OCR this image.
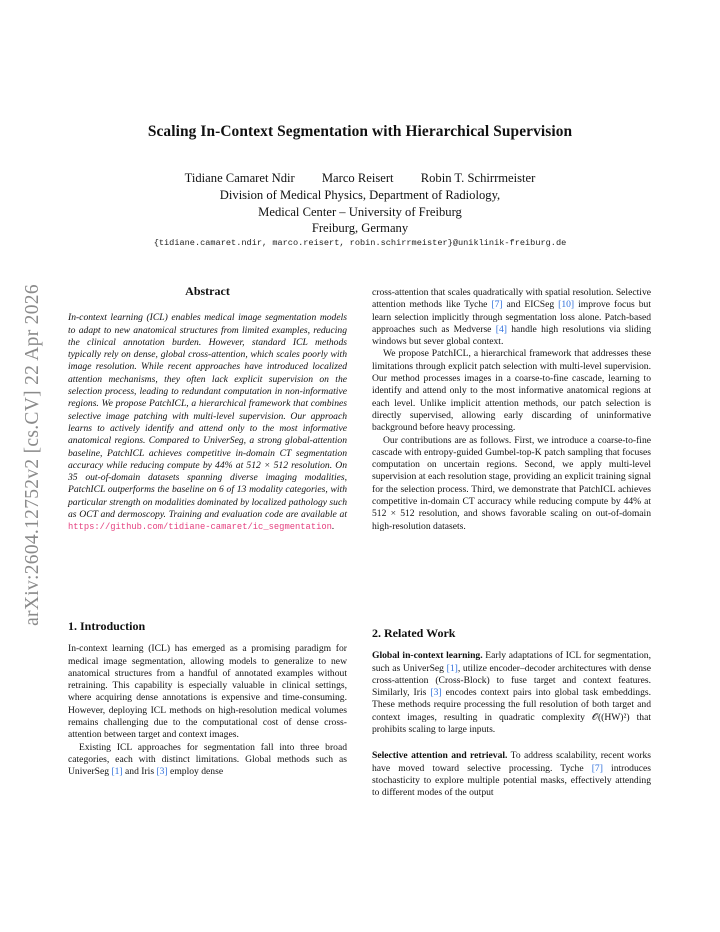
Scaling In-Context Segmentation with Hierarchical Supervision
Tidiane Camaret Ndir Marco Reisert Robin T. Schirrmeister
Division of Medical Physics, Department of Radiology,
Medical Center – University of Freiburg
Freiburg, Germany
{tidiane.camaret.ndir, marco.reisert, robin.schirrmeister}@uniklinik-freiburg.de
arXiv:2604.12752v2 [cs.CV] 22 Apr 2026	Abstract

In-context learning (ICL) enables medical image segmentation models to adapt to new anatomical structures from limited examples, reducing the clinical annotation burden. However, standard ICL methods typically rely on dense, global cross-attention, which scales poorly with image resolution. While recent approaches have introduced localized attention mechanisms, they often lack explicit supervision on the selection process, leading to redundant computation in non-informative regions. We propose PatchICL, a hierarchical framework that combines selective image patching with multi-level supervision. Our approach learns to actively identify and attend only to the most informative anatomical regions. Compared to UniverSeg, a strong global-attention baseline, PatchICL achieves competitive in-domain CT segmentation accuracy while reducing compute by 44% at 512 × 512 resolution. On 35 out-of-domain datasets spanning diverse imaging modalities, PatchICL outperforms the baseline on 6 of 13 modality categories, with particular strength on modalities dominated by localized pathology such as OCT and dermoscopy. Training and evaluation code are available at https://github.com/tidiane-camaret/ic_segmentation.

1. Introduction

In-context learning (ICL) has emerged as a promising paradigm for medical image segmentation, allowing models to generalize to new anatomical structures from a handful of annotated examples without retraining. This capability is especially valuable in clinical settings, where acquiring dense annotations is expensive and time-consuming. However, deploying ICL methods on high-resolution medical volumes remains challenging due to the computational cost of dense cross-attention between target and context images.

Existing ICL approaches for segmentation fall into three broad categories, each with distinct limitations. Global methods such as UniverSeg [1] and Iris [3] employ dense

cross-attention that scales quadratically with spatial resolution. Selective attention methods like Tyche [7] and EICSeg [10] improve focus but learn selection implicitly through segmentation loss alone. Patch-based approaches such as Medverse [4] handle high resolutions via sliding windows but sever global context.

We propose PatchICL, a hierarchical framework that addresses these limitations through explicit patch selection with multi-level supervision. Our method processes images in a coarse-to-fine cascade, learning to identify and attend only to the most informative anatomical regions at each level. Unlike implicit attention methods, our patch selection is directly supervised, allowing early discarding of uninformative background before heavy processing.

Our contributions are as follows. First, we introduce a coarse-to-fine cascade with entropy-guided Gumbel-top-K patch sampling that focuses computation on uncertain regions. Second, we apply multi-level supervision at each resolution stage, providing an explicit training signal for the selection process. Third, we demonstrate that PatchICL achieves competitive in-domain CT accuracy while reducing compute by 44% at 512 × 512 resolution, and shows favorable scaling on out-of-domain high-resolution datasets.

2. Related Work

Global in-context learning. Early adaptations of ICL for segmentation, such as UniverSeg [1], utilize encoder–decoder architectures with dense cross-attention (Cross-Block) to fuse target and context features. Similarly, Iris [3] encodes context pairs into global task embeddings. These methods require processing the full resolution of both target and context images, resulting in quadratic complexity 𝒪((HW)²) that prohibits scaling to large inputs.

Selective attention and retrieval. To address scalability, recent works have moved toward selective processing. Tyche [7] introduces stochasticity to explore multiple potential masks, effectively attending to different modes of the output
